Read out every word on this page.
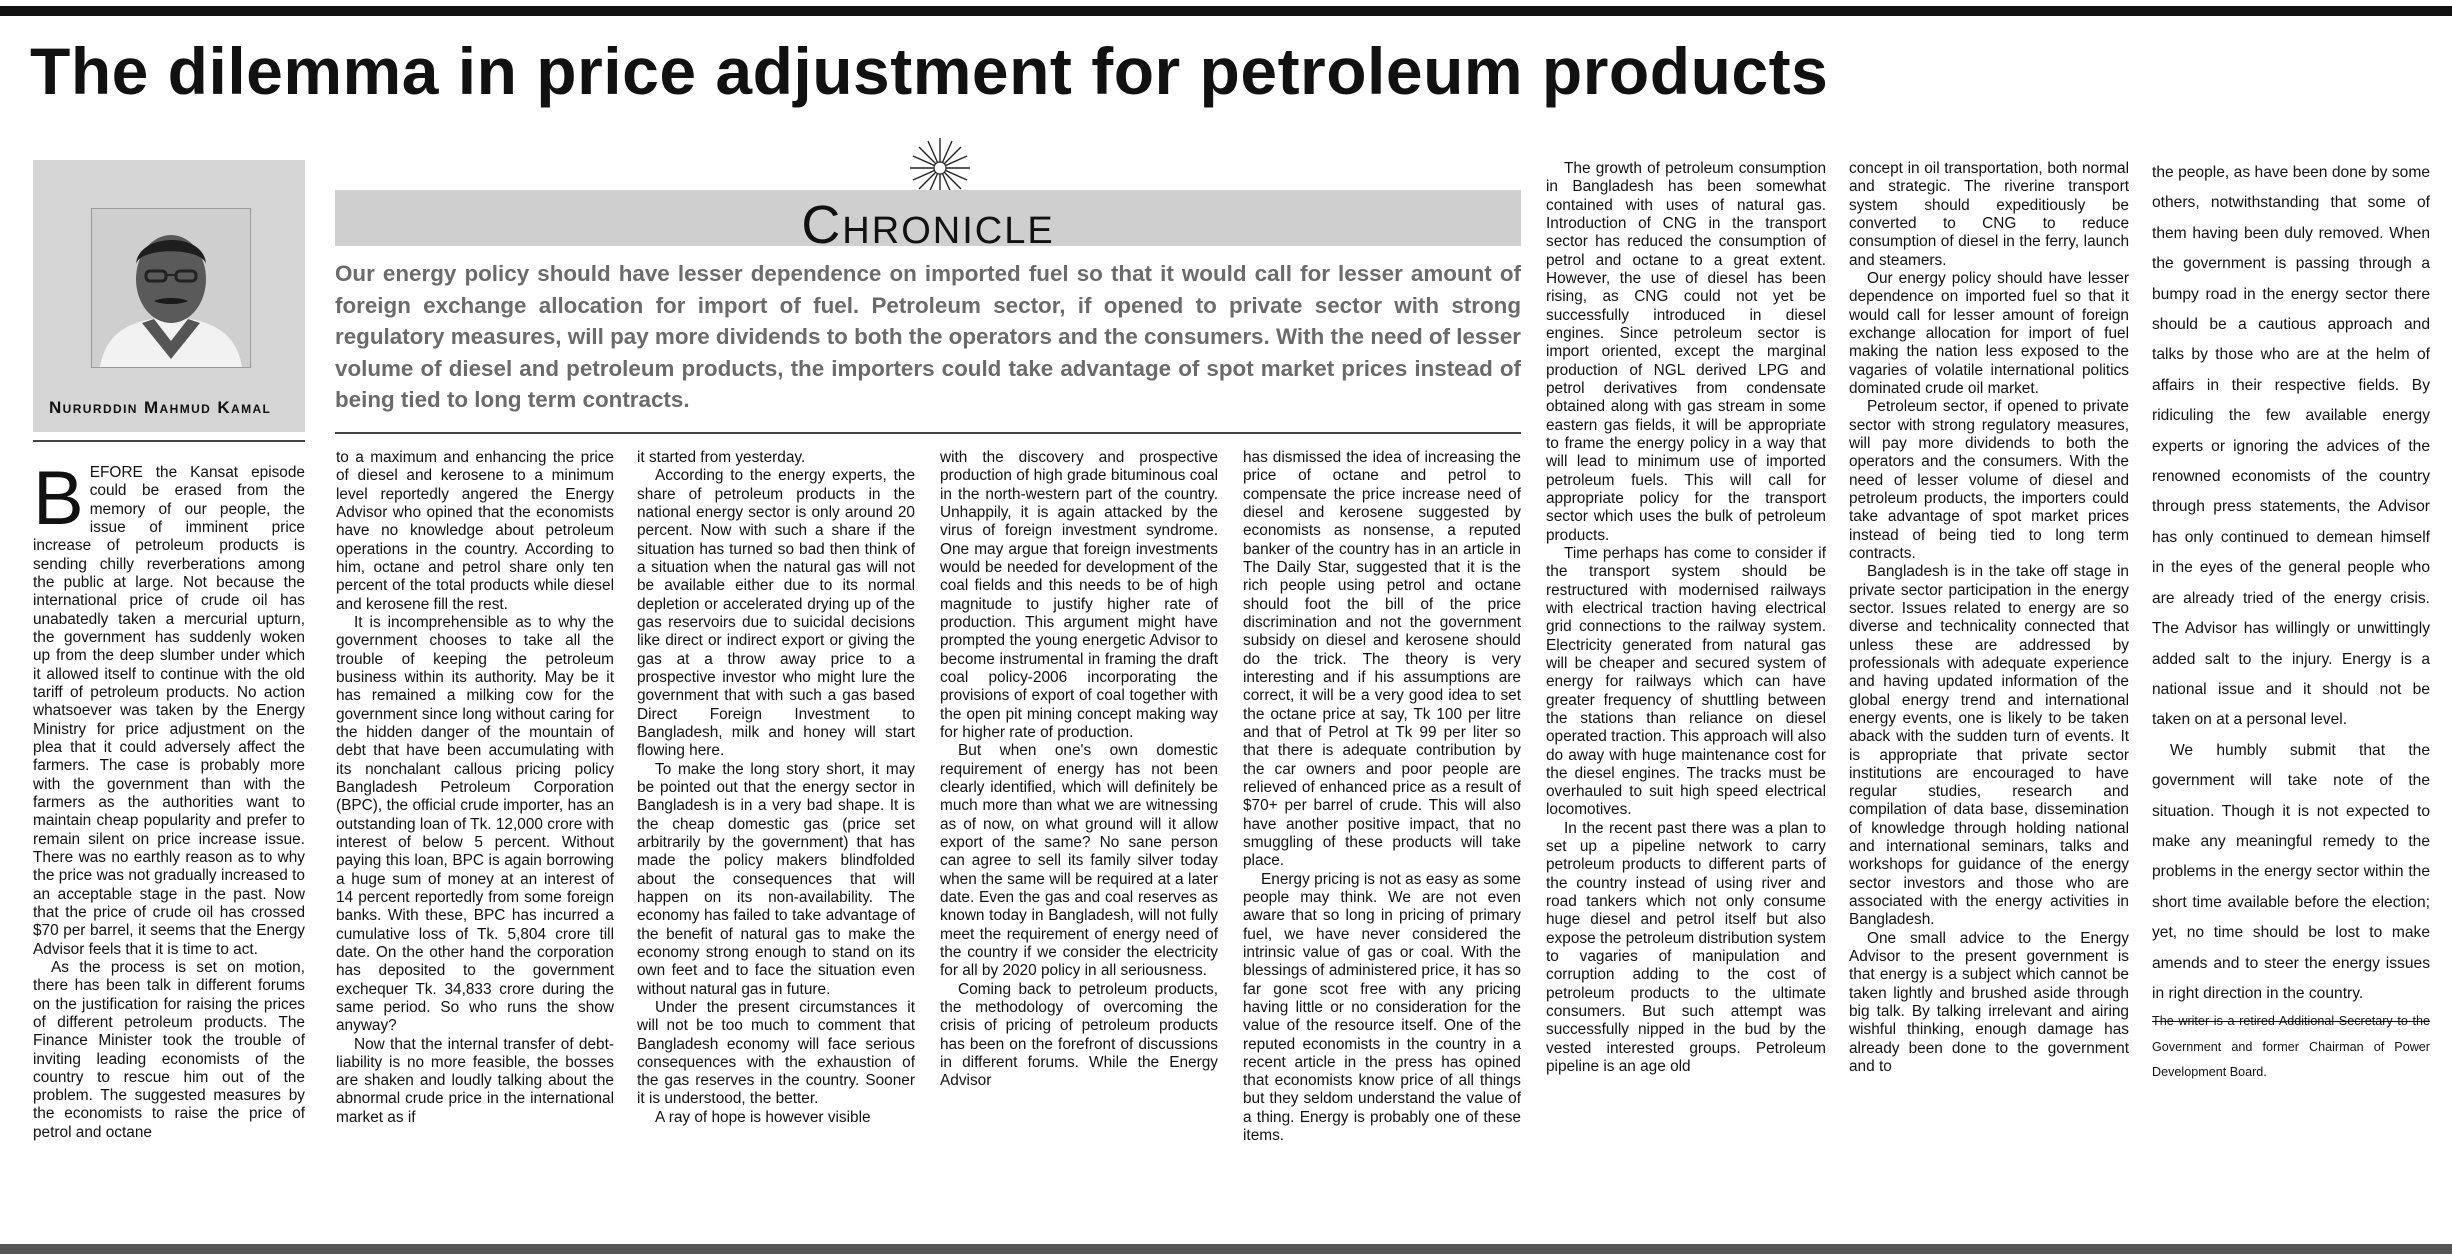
The dilemma in price adjustment for petroleum products
Nururddin Mahmud Kamal
Chronicle
Our energy policy should have lesser dependence on imported fuel so that it would call for lesser amount of foreign exchange allocation for import of fuel. Petroleum sector, if opened to private sector with strong regulatory measures, will pay more dividends to both the operators and the consumers. With the need of lesser volume of diesel and petroleum products, the importers could take advantage of spot market prices instead of being tied to long term contracts.

BEFORE the Kansat episode could be erased from the memory of our people, the issue of imminent price increase of petroleum products is sending chilly reverberations among the public at large. Not because the international price of crude oil has unabatedly taken a mercurial upturn, the government has suddenly woken up from the deep slumber under which it allowed itself to continue with the old tariff of petroleum products. No action whatsoever was taken by the Energy Ministry for price adjustment on the plea that it could adversely affect the farmers. The case is probably more with the government than with the farmers as the authorities want to maintain cheap popularity and prefer to remain silent on price increase issue. There was no earthly reason as to why the price was not gradually increased to an acceptable stage in the past. Now that the price of crude oil has crossed $70 per barrel, it seems that the Energy Advisor feels that it is time to act.

As the process is set on motion, there has been talk in different forums on the justification for raising the prices of different petroleum products. The Finance Minister took the trouble of inviting leading economists of the country to rescue him out of the problem. The suggested measures by the economists to raise the price of petrol and octane

to a maximum and enhancing the price of diesel and kerosene to a minimum level reportedly angered the Energy Advisor who opined that the economists have no knowledge about petroleum operations in the country. According to him, octane and petrol share only ten percent of the total products while diesel and kerosene fill the rest.

It is incomprehensible as to why the government chooses to take all the trouble of keeping the petroleum business within its authority. May be it has remained a milking cow for the government since long without caring for the hidden danger of the mountain of debt that have been accumulating with its nonchalant callous pricing policy Bangladesh Petroleum Corporation (BPC), the official crude importer, has an outstanding loan of Tk. 12,000 crore with interest of below 5 percent. Without paying this loan, BPC is again borrowing a huge sum of money at an interest of 14 percent reportedly from some foreign banks. With these, BPC has incurred a cumulative loss of Tk. 5,804 crore till date. On the other hand the corporation has deposited to the government exchequer Tk. 34,833 crore during the same period. So who runs the show anyway?

Now that the internal transfer of debt-liability is no more feasible, the bosses are shaken and loudly talking about the abnormal crude price in the international market as if

it started from yesterday.

According to the energy experts, the share of petroleum products in the national energy sector is only around 20 percent. Now with such a share if the situation has turned so bad then think of a situation when the natural gas will not be available either due to its normal depletion or accelerated drying up of the gas reservoirs due to suicidal decisions like direct or indirect export or giving the gas at a throw away price to a prospective investor who might lure the government that with such a gas based Direct Foreign Investment to Bangladesh, milk and honey will start flowing here.

To make the long story short, it may be pointed out that the energy sector in Bangladesh is in a very bad shape. It is the cheap domestic gas (price set arbitrarily by the government) that has made the policy makers blindfolded about the consequences that will happen on its non-availability. The economy has failed to take advantage of the benefit of natural gas to make the economy strong enough to stand on its own feet and to face the situation even without natural gas in future.

Under the present circumstances it will not be too much to comment that Bangladesh economy will face serious consequences with the exhaustion of the gas reserves in the country. Sooner it is understood, the better.

A ray of hope is however visible

with the discovery and prospective production of high grade bituminous coal in the north-western part of the country. Unhappily, it is again attacked by the virus of foreign investment syndrome. One may argue that foreign investments would be needed for development of the coal fields and this needs to be of high magnitude to justify higher rate of production. This argument might have prompted the young energetic Advisor to become instrumental in framing the draft coal policy-2006 incorporating the provisions of export of coal together with the open pit mining concept making way for higher rate of production.

But when one's own domestic requirement of energy has not been clearly identified, which will definitely be much more than what we are witnessing as of now, on what ground will it allow export of the same? No sane person can agree to sell its family silver today when the same will be required at a later date. Even the gas and coal reserves as known today in Bangladesh, will not fully meet the requirement of energy need of the country if we consider the electricity for all by 2020 policy in all seriousness.

Coming back to petroleum products, the methodology of overcoming the crisis of pricing of petroleum products has been on the forefront of discussions in different forums. While the Energy Advisor

has dismissed the idea of increasing the price of octane and petrol to compensate the price increase need of diesel and kerosene suggested by economists as nonsense, a reputed banker of the country has in an article in The Daily Star, suggested that it is the rich people using petrol and octane should foot the bill of the price discrimination and not the government subsidy on diesel and kerosene should do the trick. The theory is very interesting and if his assumptions are correct, it will be a very good idea to set the octane price at say, Tk 100 per litre and that of Petrol at Tk 99 per liter so that there is adequate contribution by the car owners and poor people are relieved of enhanced price as a result of $70+ per barrel of crude. This will also have another positive impact, that no smuggling of these products will take place.

Energy pricing is not as easy as some people may think. We are not even aware that so long in pricing of primary fuel, we have never considered the intrinsic value of gas or coal. With the blessings of administered price, it has so far gone scot free with any pricing having little or no consideration for the value of the resource itself. One of the reputed economists in the country in a recent article in the press has opined that economists know price of all things but they seldom understand the value of a thing. Energy is probably one of these items.

The growth of petroleum consumption in Bangladesh has been somewhat contained with uses of natural gas. Introduction of CNG in the transport sector has reduced the consumption of petrol and octane to a great extent. However, the use of diesel has been rising, as CNG could not yet be successfully introduced in diesel engines. Since petroleum sector is import oriented, except the marginal production of NGL derived LPG and petrol derivatives from condensate obtained along with gas stream in some eastern gas fields, it will be appropriate to frame the energy policy in a way that will lead to minimum use of imported petroleum fuels. This will call for appropriate policy for the transport sector which uses the bulk of petroleum products.

Time perhaps has come to consider if the transport system should be restructured with modernised railways with electrical traction having electrical grid connections to the railway system. Electricity generated from natural gas will be cheaper and secured system of energy for railways which can have greater frequency of shuttling between the stations than reliance on diesel operated traction. This approach will also do away with huge maintenance cost for the diesel engines. The tracks must be overhauled to suit high speed electrical locomotives.

In the recent past there was a plan to set up a pipeline network to carry petroleum products to different parts of the country instead of using river and road tankers which not only consume huge diesel and petrol itself but also expose the petroleum distribution system to vagaries of manipulation and corruption adding to the cost of petroleum products to the ultimate consumers. But such attempt was successfully nipped in the bud by the vested interested groups. Petroleum pipeline is an age old

concept in oil transportation, both normal and strategic. The riverine transport system should expeditiously be converted to CNG to reduce consumption of diesel in the ferry, launch and steamers.

Our energy policy should have lesser dependence on imported fuel so that it would call for lesser amount of foreign exchange allocation for import of fuel making the nation less exposed to the vagaries of volatile international politics dominated crude oil market.

Petroleum sector, if opened to private sector with strong regulatory measures, will pay more dividends to both the operators and the consumers. With the need of lesser volume of diesel and petroleum products, the importers could take advantage of spot market prices instead of being tied to long term contracts.

Bangladesh is in the take off stage in private sector participation in the energy sector. Issues related to energy are so diverse and technicality connected that unless these are addressed by professionals with adequate experience and having updated information of the global energy trend and international energy events, one is likely to be taken aback with the sudden turn of events. It is appropriate that private sector institutions are encouraged to have regular studies, research and compilation of data base, dissemination of knowledge through holding national and international seminars, talks and workshops for guidance of the energy sector investors and those who are associated with the energy activities in Bangladesh.

One small advice to the Energy Advisor to the present government is that energy is a subject which cannot be taken lightly and brushed aside through big talk. By talking irrelevant and airing wishful thinking, enough damage has already been done to the government and to

the people, as have been done by some others, notwithstanding that some of them having been duly removed. When the government is passing through a bumpy road in the energy sector there should be a cautious approach and talks by those who are at the helm of affairs in their respective fields. By ridiculing the few available energy experts or ignoring the advices of the renowned economists of the country through press statements, the Advisor has only continued to demean himself in the eyes of the general people who are already tried of the energy crisis. The Advisor has willingly or unwittingly added salt to the injury. Energy is a national issue and it should not be taken on at a personal level.

We humbly submit that the government will take note of the situation. Though it is not expected to make any meaningful remedy to the problems in the energy sector within the short time available before the election; yet, no time should be lost to make amends and to steer the energy issues in right direction in the country.

The writer is a retired Additional Secretary to the Government and former Chairman of Power Development Board.
